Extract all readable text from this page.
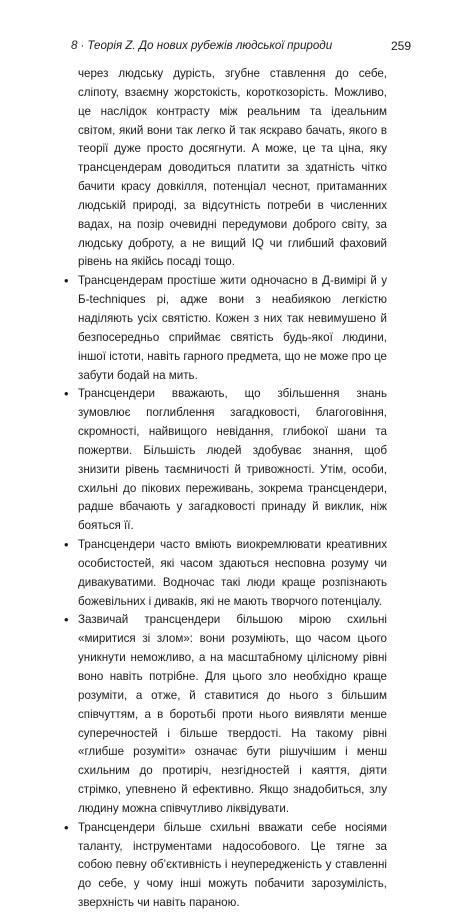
8 · Теорія Z. До нових рубежів людської природи	259

через людську дурість, згубне ставлення до себе, сліпоту, взаємну жорстокість, короткозорість. Можливо, це наслідок контрасту між реальним та ідеальним світом, який вони так легко й так яскраво бачать, якого в теорії дуже просто досягнути. А може, це та ціна, яку трансцендерам доводиться платити за здатність чітко бачити красу довкілля, потенціал чеснот, притаманних людській природі, за відсутність потреби в численних вадах, на позір очевидні передумови доброго світу, за людську доброту, а не вищий IQ чи глибший фаховий рівень на якійсь посаді тощо.

• Трансцендерам простіше жити одночасно в Д-вимірі й у Б-techniques рі, адже вони з неабиякою легкістю наділяють усіх святістю. Кожен з них так невимушено й безпосередньо сприймає святість будь-якої людини, іншої істоти, навіть гарного предмета, що не може про це забути бодай на мить.
• Трансцендери вважають, що збільшення знань зумовлює поглиблення загадковості, благоговіння, скромності, найвищого невідання, глибокої шани та пожертви. Більшість людей здобуває знання, щоб знизити рівень таємничості й тривожності. Утім, особи, схильні до пікових переживань, зокрема трансцендери, радше вбачають у загадковості принаду й виклик, ніж бояться її.
• Трансцендери часто вміють виокремлювати креативних особистостей, які часом здаються несповна розуму чи дивакуватими. Водночас такі люди краще розпізнають божевільних і диваків, які не мають творчого потенціалу.
• Зазвичай трансцендери більшою мірою схильні «миритися зі злом»: вони розуміють, що часом цього уникнути неможливо, а на масштабному цілісному рівні воно навіть потрібне. Для цього зло необхідно краще розуміти, а отже, й ставитися до нього з більшим співчуттям, а в боротьбі проти нього виявляти менше суперечностей і більше твердості. На такому рівні «глибше розуміти» означає бути рішучішим і менш схильним до протиріч, незгідностей і каяття, діяти стрімко, упевнено й ефективно. Якщо знадобиться, злу людину можна співчутливо ліквідувати.
• Трансцендери більше схильні вважати себе носіями таланту, інструментами надособового. Це тягне за собою певну об’єктивність і неупередженість у ставленні до себе, у чому інші можуть побачити зарозумілість, зверхність чи навіть параною.
